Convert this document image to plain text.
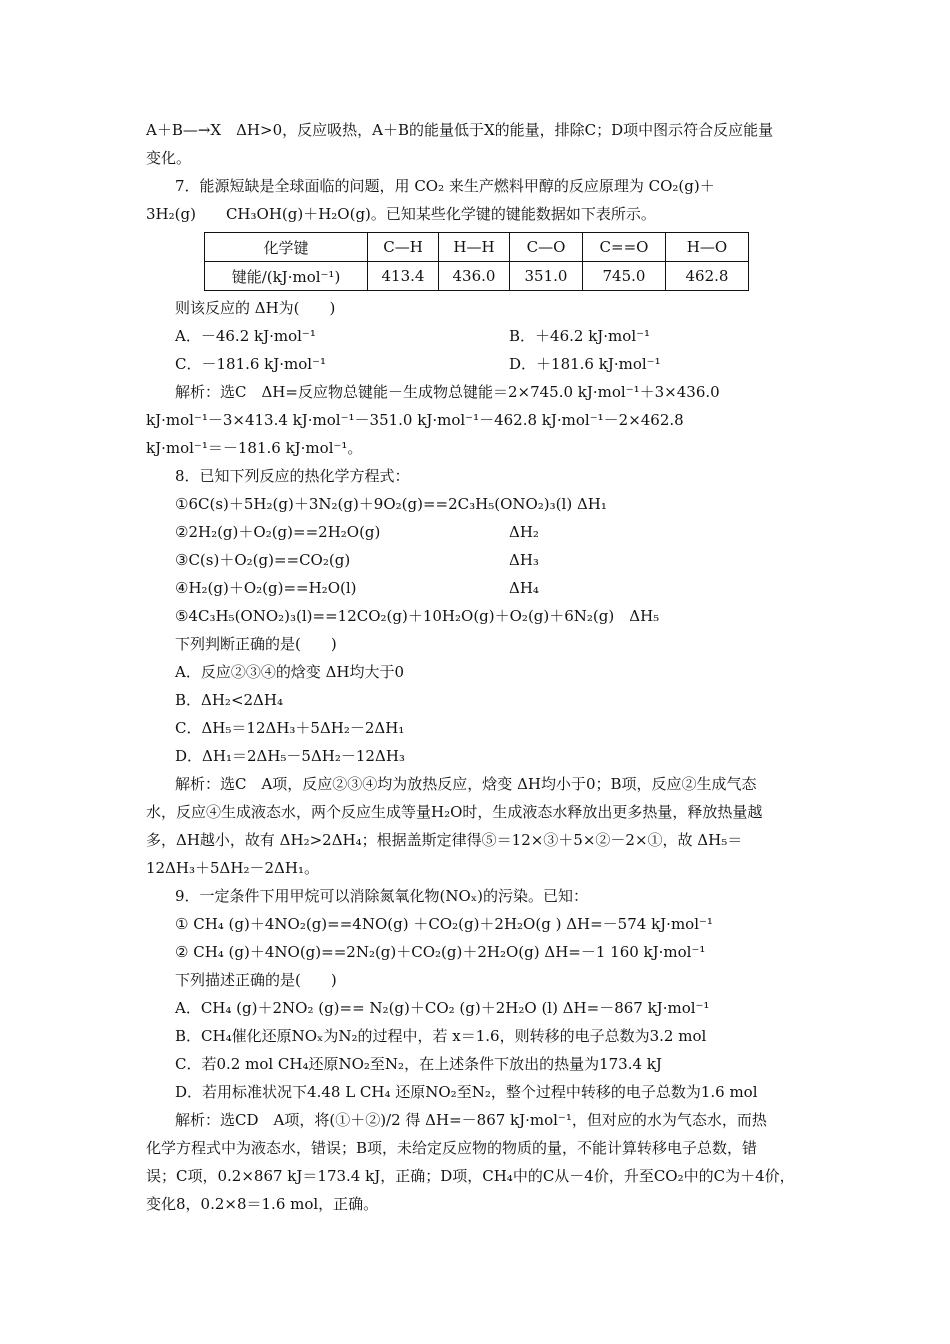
A＋B—→X　ΔH>0，反应吸热，A＋B的能量低于X的能量，排除C；D项中图示符合反应能量
变化。
7．能源短缺是全球面临的问题，用 CO₂ 来生产燃料甲醇的反应原理为 CO₂(g)＋
3H₂(g)　　CH₃OH(g)＋H₂O(g)。已知某些化学键的键能数据如下表所示。
化学键	C—H	H—H	C—O	C==O	H—O
键能/(kJ·mol⁻¹)	413.4	436.0	351.0	745.0	462.8
则该反应的 ΔH为(　　)
A．－46.2 kJ·mol⁻¹	B．＋46.2 kJ·mol⁻¹
C．－181.6 kJ·mol⁻¹	D．＋181.6 kJ·mol⁻¹
解析：选C　ΔH=反应物总键能－生成物总键能＝2×745.0 kJ·mol⁻¹＋3×436.0
kJ·mol⁻¹－3×413.4 kJ·mol⁻¹－351.0 kJ·mol⁻¹－462.8 kJ·mol⁻¹－2×462.8
kJ·mol⁻¹＝－181.6 kJ·mol⁻¹。
8．已知下列反应的热化学方程式：
①6C(s)＋5H₂(g)＋3N₂(g)＋9O₂(g)==2C₃H₅(ONO₂)₃(l) ΔH₁
②2H₂(g)＋O₂(g)==2H₂O(g)	ΔH₂
③C(s)＋O₂(g)==CO₂(g)	ΔH₃
④H₂(g)＋O₂(g)==H₂O(l)	ΔH₄
⑤4C₃H₅(ONO₂)₃(l)==12CO₂(g)＋10H₂O(g)＋O₂(g)＋6N₂(g)　ΔH₅
下列判断正确的是(　　)
A．反应②③④的焓变 ΔH均大于0
B．ΔH₂<2ΔH₄
C．ΔH₅＝12ΔH₃＋5ΔH₂－2ΔH₁
D．ΔH₁＝2ΔH₅－5ΔH₂－12ΔH₃
解析：选C　A项，反应②③④均为放热反应，焓变 ΔH均小于0；B项，反应②生成气态
水，反应④生成液态水，两个反应生成等量H₂O时，生成液态水释放出更多热量，释放热量越
多，ΔH越小，故有 ΔH₂>2ΔH₄；根据盖斯定律得⑤＝12×③＋5×②－2×①，故 ΔH₅＝
12ΔH₃＋5ΔH₂－2ΔH₁。
9．一定条件下用甲烷可以消除氮氧化物(NOₓ)的污染。已知：
① CH₄ (g)＋4NO₂(g)==4NO(g) ＋CO₂(g)＋2H₂O(g ) ΔH=－574 kJ·mol⁻¹
② CH₄ (g)＋4NO(g)==2N₂(g)＋CO₂(g)＋2H₂O(g) ΔH=－1 160 kJ·mol⁻¹
下列描述正确的是(　　)
A．CH₄ (g)＋2NO₂ (g)== N₂(g)＋CO₂ (g)＋2H₂O (l) ΔH=－867 kJ·mol⁻¹
B．CH₄催化还原NOₓ为N₂的过程中，若 x＝1.6，则转移的电子总数为3.2 mol
C．若0.2 mol CH₄还原NO₂至N₂，在上述条件下放出的热量为173.4 kJ
D．若用标准状况下4.48 L CH₄ 还原NO₂至N₂，整个过程中转移的电子总数为1.6 mol
解析：选CD　A项，将(①＋②)/2 得 ΔH=－867 kJ·mol⁻¹，但对应的水为气态水，而热
化学方程式中为液态水，错误；B项，未给定反应物的物质的量，不能计算转移电子总数，错
误；C项，0.2×867 kJ＝173.4 kJ，正确；D项，CH₄中的C从－4价，升至CO₂中的C为＋4价，
变化8，0.2×8＝1.6 mol，正确。
